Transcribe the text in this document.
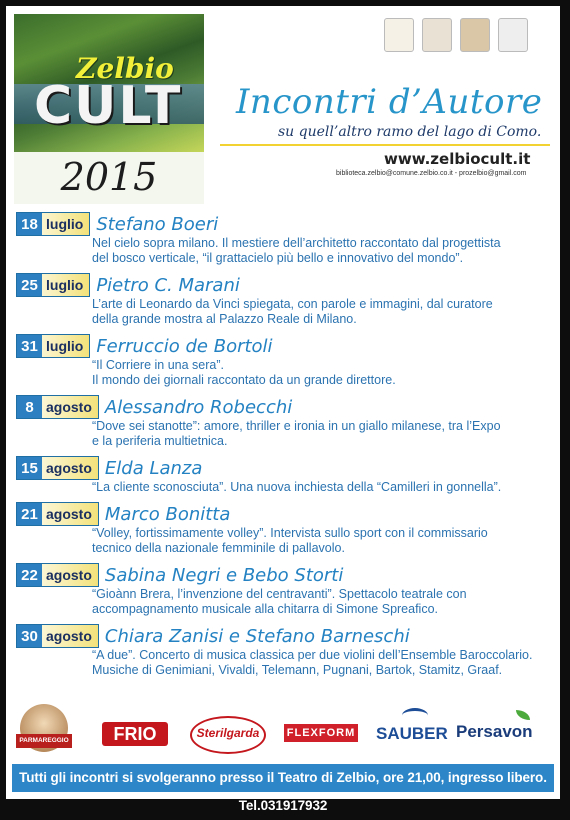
Zelbio
CULT
2015
Incontri d’Autore
su quell’altro ramo del lago di Como.
www.zelbiocult.it
biblioteca.zelbio@comune.zelbio.co.it - prozelbio@gmail.com
18 luglio Stefano Boeri
Nel cielo sopra milano. Il mestiere dell’architetto raccontato dal progettista
del bosco verticale, “il grattacielo più bello e innovativo del mondo”.
25 luglio Pietro C. Marani
L’arte di Leonardo da Vinci spiegata, con parole e immagini, dal curatore
della grande mostra al Palazzo Reale di Milano.
31 luglio Ferruccio de Bortoli
“Il Corriere in una sera”.
Il mondo dei giornali raccontato da un grande direttore.
8 agosto Alessandro Robecchi
“Dove sei stanotte”: amore, thriller e ironia in un giallo milanese, tra l’Expo
e la periferia multietnica.
15 agosto Elda Lanza
“La cliente sconosciuta”. Una nuova inchiesta della “Camilleri in gonnella”.
21 agosto Marco Bonitta
“Volley, fortissimamente volley”. Intervista sullo sport con il commissario
tecnico della nazionale femminile di pallavolo.
22 agosto Sabina Negri e Bebo Storti
“Gioànn Brera, l’invenzione del centravanti”. Spettacolo teatrale con
accompagnamento musicale alla chitarra di Simone Spreafico.
30 agosto Chiara Zanisi e Stefano Barneschi
“A due”. Concerto di musica classica per due violini dell’Ensemble Baroccolario.
Musiche di Genimiani, Vivaldi, Telemann, Pugnani, Bartok, Stamitz, Graaf.
PARMAREGGIO	FRIO	Sterilgarda	FLEXFORM SAUBER Persavon
Tutti gli incontri si svolgeranno presso il Teatro di Zelbio, ore 21,00, ingresso libero. Tel.031917932
